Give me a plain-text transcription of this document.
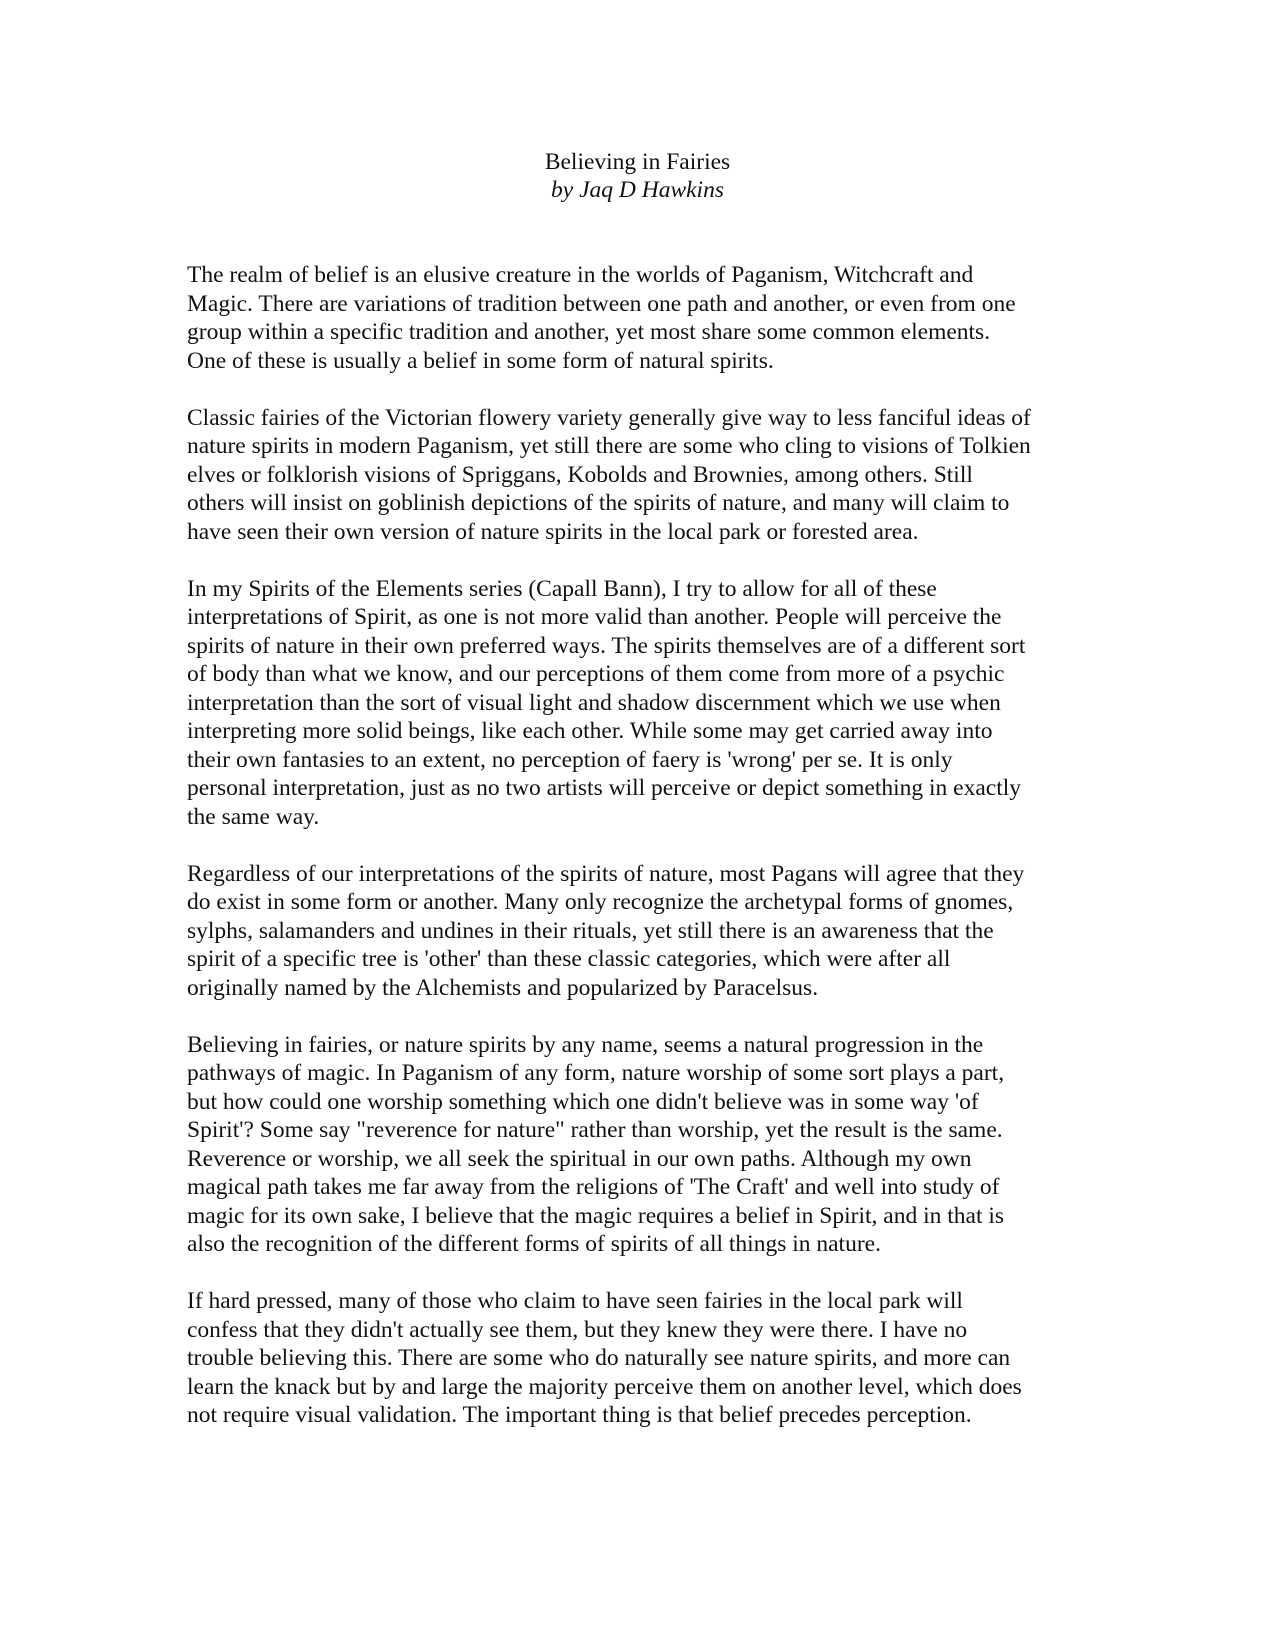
Believing in Fairies
by Jaq D Hawkins
The realm of belief is an elusive creature in the worlds of Paganism, Witchcraft and
Magic. There are variations of tradition between one path and another, or even from one
group within a specific tradition and another, yet most share some common elements.
One of these is usually a belief in some form of natural spirits.
Classic fairies of the Victorian flowery variety generally give way to less fanciful ideas of
nature spirits in modern Paganism, yet still there are some who cling to visions of Tolkien
elves or folklorish visions of Spriggans, Kobolds and Brownies, among others. Still
others will insist on goblinish depictions of the spirits of nature, and many will claim to
have seen their own version of nature spirits in the local park or forested area.
In my Spirits of the Elements series (Capall Bann), I try to allow for all of these
interpretations of Spirit, as one is not more valid than another. People will perceive the
spirits of nature in their own preferred ways. The spirits themselves are of a different sort
of body than what we know, and our perceptions of them come from more of a psychic
interpretation than the sort of visual light and shadow discernment which we use when
interpreting more solid beings, like each other. While some may get carried away into
their own fantasies to an extent, no perception of faery is 'wrong' per se. It is only
personal interpretation, just as no two artists will perceive or depict something in exactly
the same way.
Regardless of our interpretations of the spirits of nature, most Pagans will agree that they
do exist in some form or another. Many only recognize the archetypal forms of gnomes,
sylphs, salamanders and undines in their rituals, yet still there is an awareness that the
spirit of a specific tree is 'other' than these classic categories, which were after all
originally named by the Alchemists and popularized by Paracelsus.
Believing in fairies, or nature spirits by any name, seems a natural progression in the
pathways of magic. In Paganism of any form, nature worship of some sort plays a part,
but how could one worship something which one didn't believe was in some way 'of
Spirit'? Some say "reverence for nature" rather than worship, yet the result is the same.
Reverence or worship, we all seek the spiritual in our own paths. Although my own
magical path takes me far away from the religions of 'The Craft' and well into study of
magic for its own sake, I believe that the magic requires a belief in Spirit, and in that is
also the recognition of the different forms of spirits of all things in nature.
If hard pressed, many of those who claim to have seen fairies in the local park will
confess that they didn't actually see them, but they knew they were there. I have no
trouble believing this. There are some who do naturally see nature spirits, and more can
learn the knack but by and large the majority perceive them on another level, which does
not require visual validation. The important thing is that belief precedes perception.
